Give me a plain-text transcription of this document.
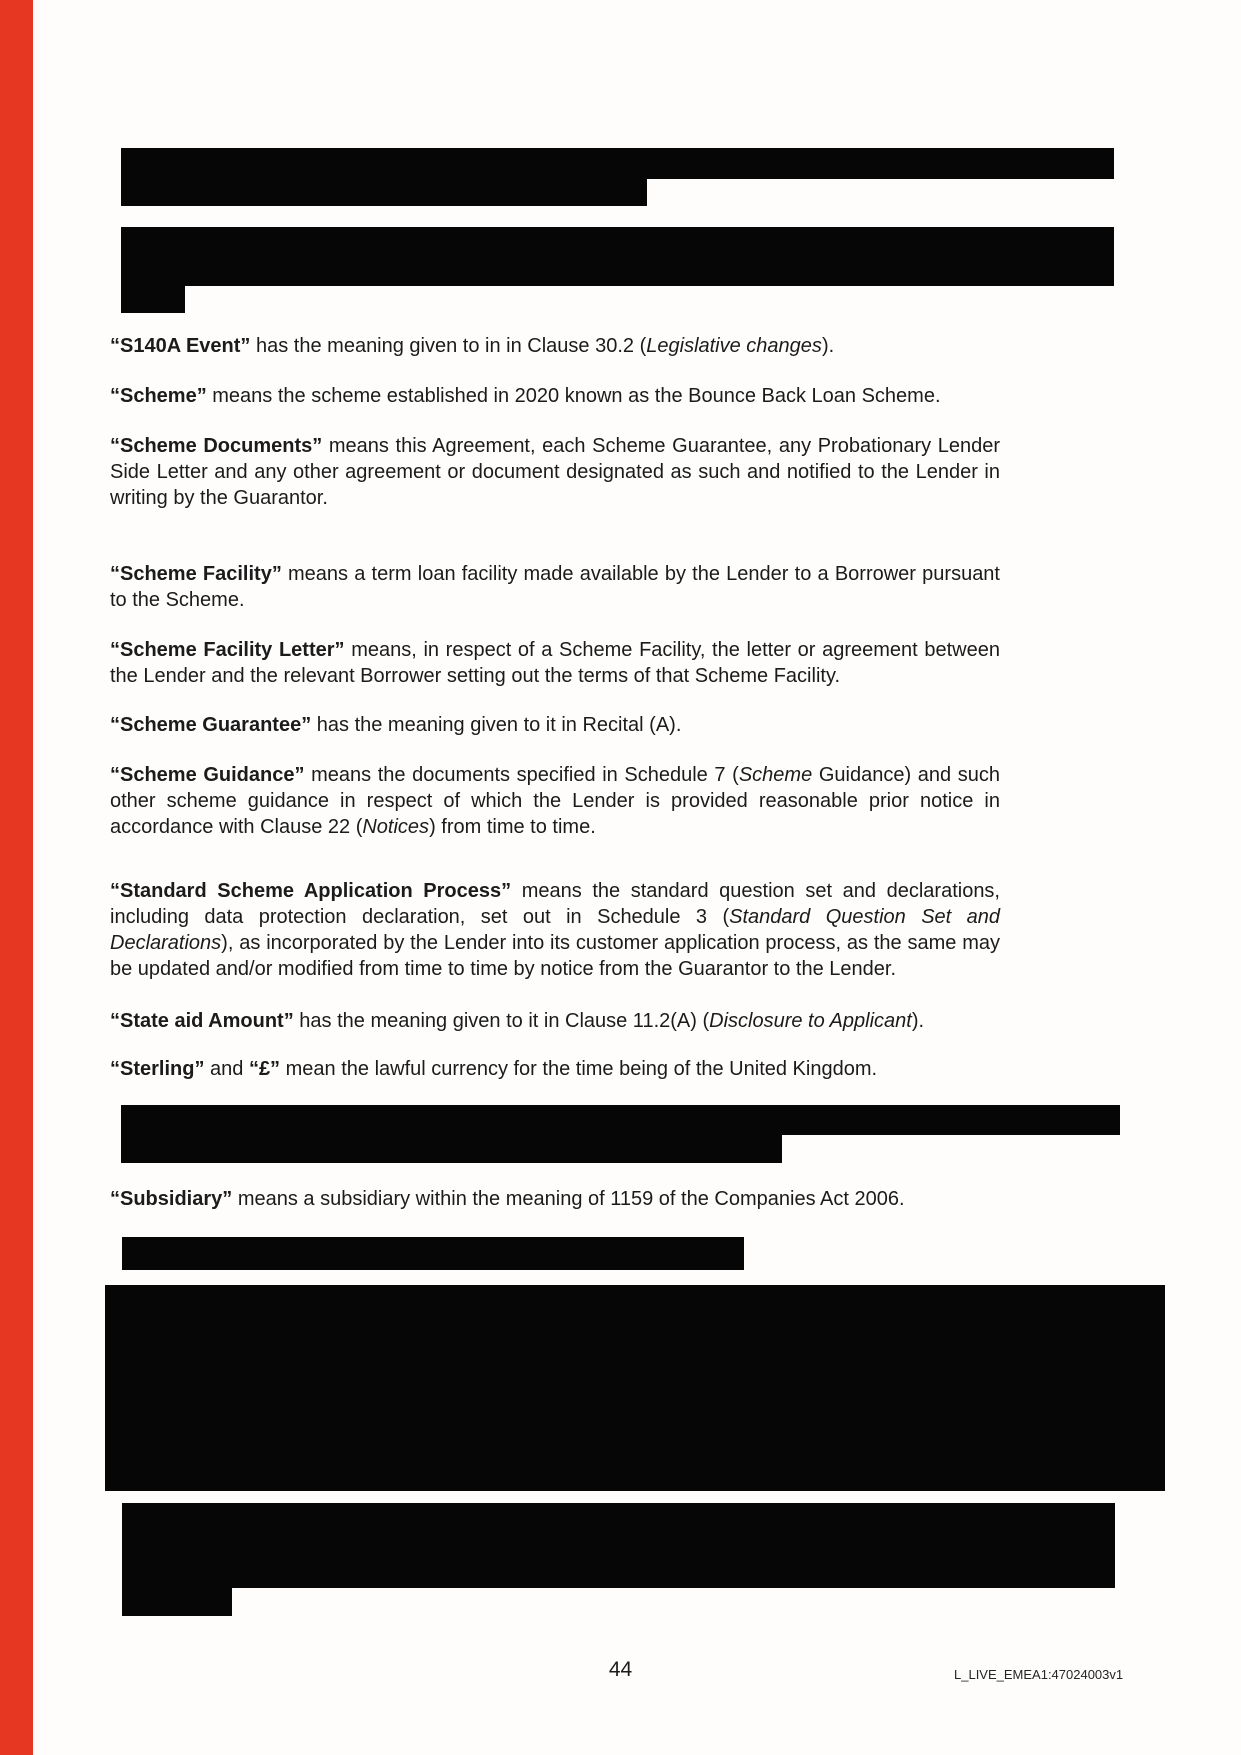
“S140A Event” has the meaning given to in in Clause 30.2 (Legislative changes).

“Scheme” means the scheme established in 2020 known as the Bounce Back Loan Scheme.

“Scheme Documents” means this Agreement, each Scheme Guarantee, any Probationary Lender Side Letter and any other agreement or document designated as such and notified to the Lender in writing by the Guarantor.

“Scheme Facility” means a term loan facility made available by the Lender to a Borrower pursuant to the Scheme.

“Scheme Facility Letter” means, in respect of a Scheme Facility, the letter or agreement between the Lender and the relevant Borrower setting out the terms of that Scheme Facility.

“Scheme Guarantee” has the meaning given to it in Recital (A).

“Scheme Guidance” means the documents specified in Schedule 7 (Scheme Guidance) and such other scheme guidance in respect of which the Lender is provided reasonable prior notice in accordance with Clause 22 (Notices) from time to time.

“Standard Scheme Application Process” means the standard question set and declarations, including data protection declaration, set out in Schedule 3 (Standard Question Set and Declarations), as incorporated by the Lender into its customer application process, as the same may be updated and/or modified from time to time by notice from the Guarantor to the Lender.

“State aid Amount” has the meaning given to it in Clause 11.2(A) (Disclosure to Applicant).

“Sterling” and “£” mean the lawful currency for the time being of the United Kingdom.

“Subsidiary” means a subsidiary within the meaning of 1159 of the Companies Act 2006.

44	L_LIVE_EMEA1:47024003v1
